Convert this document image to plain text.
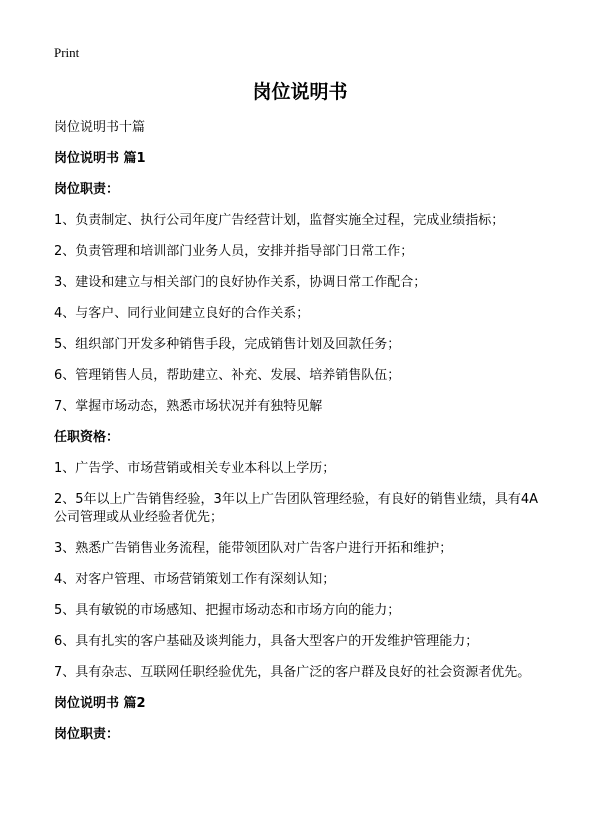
Print
岗位说明书
岗位说明书十篇
岗位说明书 篇1
岗位职责：
1、负责制定、执行公司年度广告经营计划，监督实施全过程，完成业绩指标；
2、负责管理和培训部门业务人员，安排并指导部门日常工作；
3、建设和建立与相关部门的良好协作关系，协调日常工作配合；
4、与客户、同行业间建立良好的合作关系；
5、组织部门开发多种销售手段，完成销售计划及回款任务；
6、管理销售人员，帮助建立、补充、发展、培养销售队伍；
7、掌握市场动态，熟悉市场状况并有独特见解
任职资格：
1、广告学、市场营销或相关专业本科以上学历；
2、5年以上广告销售经验，3年以上广告团队管理经验，有良好的销售业绩，具有4A公司管理或从业经验者优先；
3、熟悉广告销售业务流程，能带领团队对广告客户进行开拓和维护；
4、对客户管理、市场营销策划工作有深刻认知；
5、具有敏锐的市场感知、把握市场动态和市场方向的能力；
6、具有扎实的客户基础及谈判能力，具备大型客户的开发维护管理能力；
7、具有杂志、互联网任职经验优先，具备广泛的客户群及良好的社会资源者优先。
岗位说明书 篇2
岗位职责：
